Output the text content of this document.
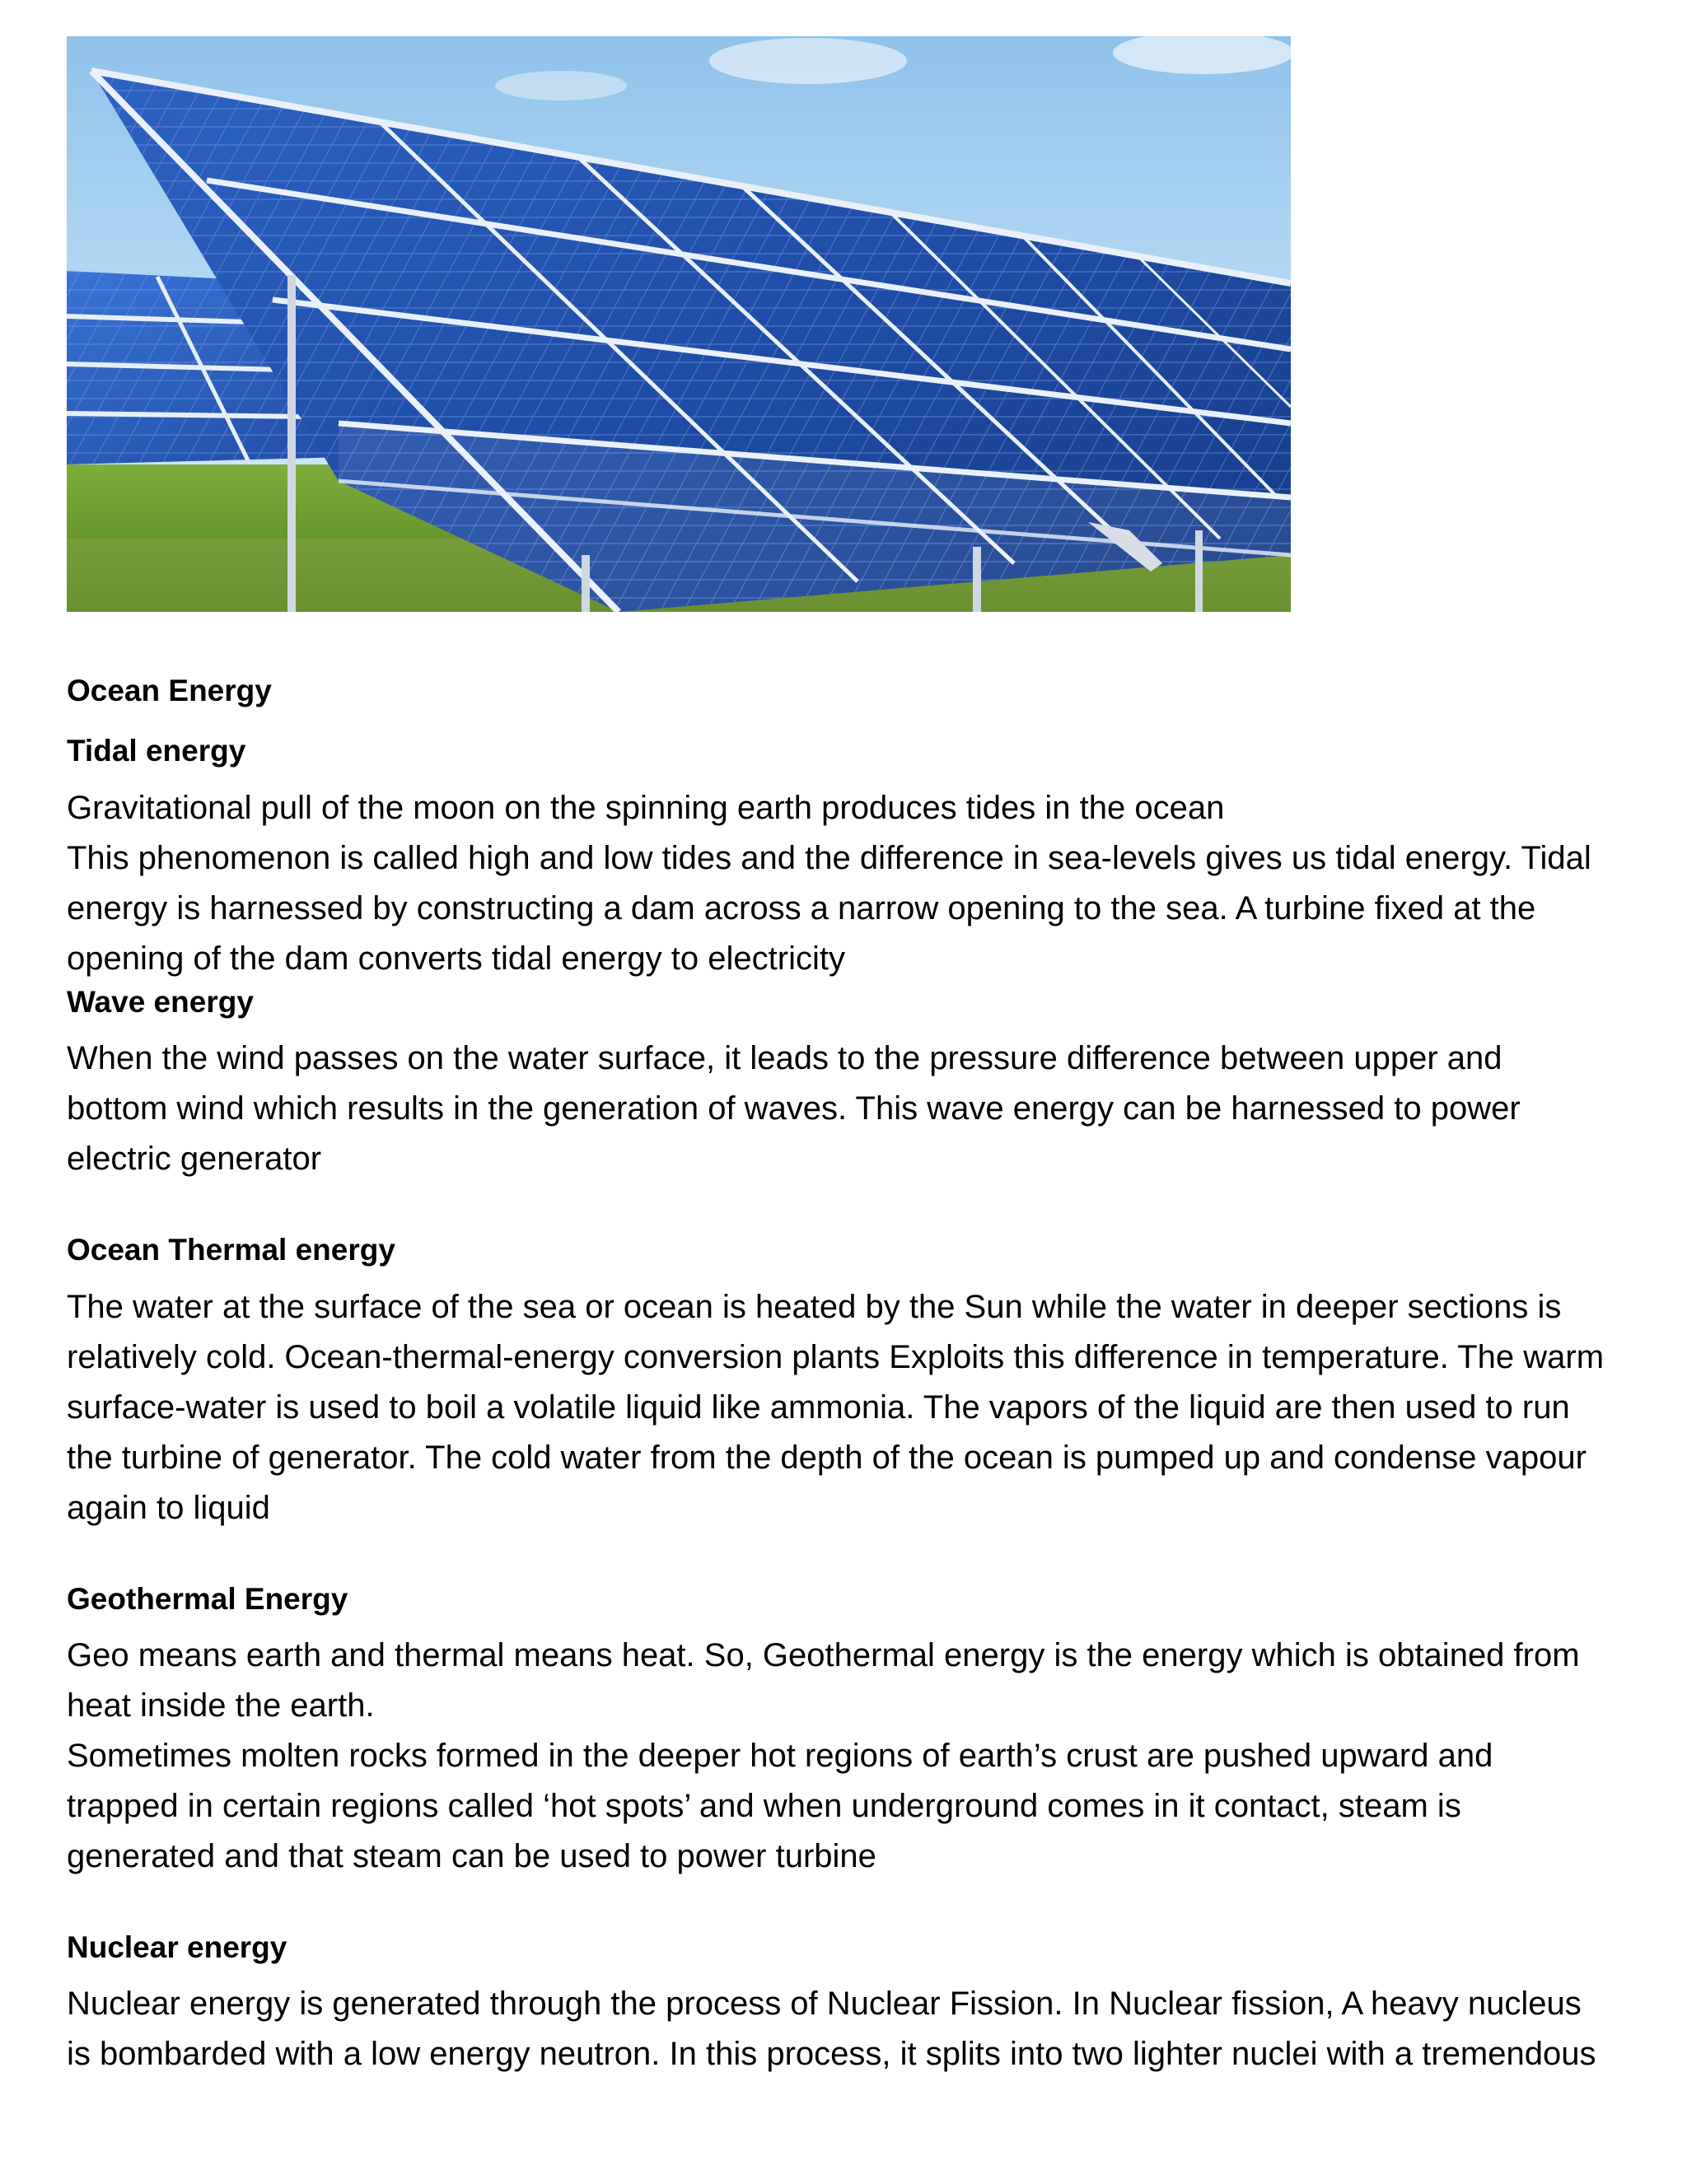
Ocean Energy

Tidal energy

Gravitational pull of the moon on the spinning earth produces tides in the ocean
This phenomenon is called high and low tides and the difference in sea-levels gives us tidal energy. Tidal
energy is harnessed by constructing a dam across a narrow opening to the sea. A turbine fixed at the
opening of the dam converts tidal energy to electricity

Wave energy

When the wind passes on the water surface, it leads to the pressure difference between upper and
bottom wind which results in the generation of waves. This wave energy can be harnessed to power
electric generator

Ocean Thermal energy

The water at the surface of the sea or ocean is heated by the Sun while the water in deeper sections is
relatively cold. Ocean-thermal-energy conversion plants Exploits this difference in temperature. The warm
surface-water is used to boil a volatile liquid like ammonia. The vapors of the liquid are then used to run
the turbine of generator. The cold water from the depth of the ocean is pumped up and condense vapour
again to liquid

Geothermal Energy

Geo means earth and thermal means heat. So, Geothermal energy is the energy which is obtained from
heat inside the earth.
Sometimes molten rocks formed in the deeper hot regions of earth’s crust are pushed upward and
trapped in certain regions called ‘hot spots’ and when underground comes in it contact, steam is
generated and that steam can be used to power turbine

Nuclear energy

Nuclear energy is generated through the process of Nuclear Fission. In Nuclear fission, A heavy nucleus
is bombarded with a low energy neutron. In this process, it splits into two lighter nuclei with a tremendous
